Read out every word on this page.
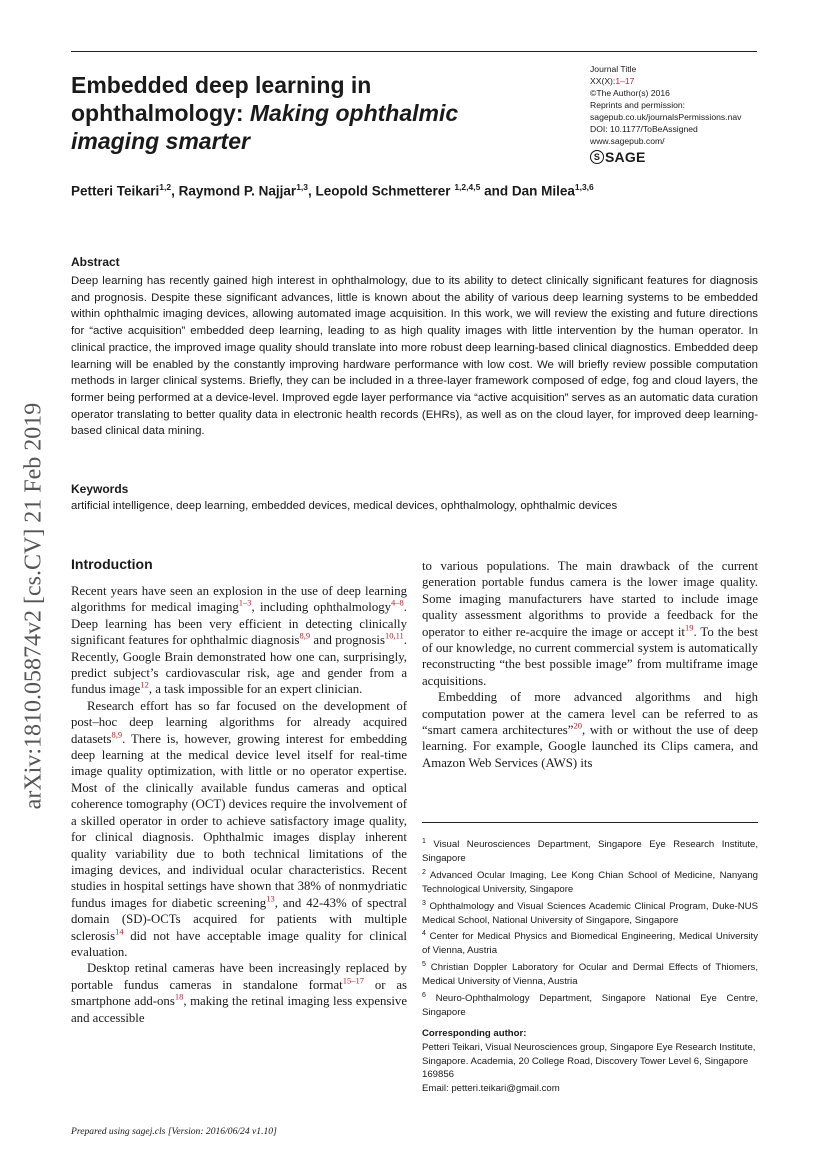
Embedded deep learning in
ophthalmology: Making ophthalmic
imaging smarter
Journal Title
XX(X):1–17
©The Author(s) 2016
Reprints and permission:
sagepub.co.uk/journalsPermissions.nav
DOI: 10.1177/ToBeAssigned
www.sagepub.com/
S SAGE
Petteri Teikari$^{1,2}$, Raymond P. Najjar$^{1,3}$, Leopold Schmetterer $^{1,2,4,5}$ and Dan Milea$^{1,3,6}$
Abstract

Deep learning has recently gained high interest in ophthalmology, due to its ability to detect clinically significant features for diagnosis and prognosis. Despite these significant advances, little is known about the ability of various deep learning systems to be embedded within ophthalmic imaging devices, allowing automated image acquisition. In this work, we will review the existing and future directions for “active acquisition” embedded deep learning, leading to as high quality images with little intervention by the human operator. In clinical practice, the improved image quality should translate into more robust deep learning-based clinical diagnostics. Embedded deep learning will be enabled by the constantly improving hardware performance with low cost. We will briefly review possible computation methods in larger clinical systems. Briefly, they can be included in a three-layer framework composed of edge, fog and cloud layers, the former being performed at a device-level. Improved egde layer performance via “active acquisition” serves as an automatic data curation operator translating to better quality data in electronic health records (EHRs), as well as on the cloud layer, for improved deep learning-based clinical data mining.

Keywords

artificial intelligence, deep learning, embedded devices, medical devices, ophthalmology, ophthalmic devices

arXiv:1810.05874v2 [cs.CV] 21 Feb 2019 Introduction

Recent years have seen an explosion in the use of deep learning algorithms for medical imaging$^{1-3}$, including ophthalmology$^{4-8}$. Deep learning has been very efficient in detecting clinically significant features for ophthalmic diagnosis$^{8,9}$ and prognosis$^{10,11}$. Recently, Google Brain demonstrated how one can, surprisingly, predict subject’s cardiovascular risk, age and gender from a fundus image$^{12}$, a task impossible for an expert clinician.

Research effort has so far focused on the development of post–hoc deep learning algorithms for already acquired datasets$^{8,9}$. There is, however, growing interest for embedding deep learning at the medical device level itself for real-time image quality optimization, with little or no operator expertise. Most of the clinically available fundus cameras and optical coherence tomography (OCT) devices require the involvement of a skilled operator in order to achieve satisfactory image quality, for clinical diagnosis. Ophthalmic images display inherent quality variability due to both technical limitations of the imaging devices, and individual ocular characteristics. Recent studies in hospital settings have shown that 38% of nonmydriatic fundus images for diabetic screening$^{13}$, and 42-43% of spectral domain (SD)-OCTs acquired for patients with multiple sclerosis$^{14}$ did not have acceptable image quality for clinical evaluation.

Desktop retinal cameras have been increasingly replaced by portable fundus cameras in standalone format$^{15-17}$ or as smartphone add-ons$^{18}$, making the retinal imaging less expensive and accessible

to various populations. The main drawback of the current generation portable fundus camera is the lower image quality. Some imaging manufacturers have started to include image quality assessment algorithms to provide a feedback for the operator to either re-acquire the image or accept $it^{19}$. To the best of our knowledge, no current commercial system is automatically reconstructing “the best possible image” from multiframe image acquisitions.

Embedding of more advanced algorithms and high computation power at the camera level can be referred to as “smart camera architectures”$^{20}$, with or without the use of deep learning. For example, Google launched its Clips camera, and Amazon Web Services (AWS) its

$^1$ Visual Neurosciences Department, Singapore Eye Research Institute, Singapore

$^2$ Advanced Ocular Imaging, Lee Kong Chian School of Medicine, Nanyang Technological University, Singapore

$^3$ Ophthalmology and Visual Sciences Academic Clinical Program, Duke-NUS Medical School, National University of Singapore, Singapore

$^4$ Center for Medical Physics and Biomedical Engineering, Medical University of Vienna, Austria

$^5$ Christian Doppler Laboratory for Ocular and Dermal Effects of Thiomers, Medical University of Vienna, Austria

$^6$ Neuro-Ophthalmology Department, Singapore National Eye Centre, Singapore

Corresponding author:

Petteri Teikari, Visual Neurosciences group, Singapore Eye Research Institute, Singapore. Academia, 20 College Road, Discovery Tower Level 6, Singapore 169856

Email: petteri.teikari@gmail.com

Prepared using sagej.cls [Version: 2016/06/24 v1.10]
